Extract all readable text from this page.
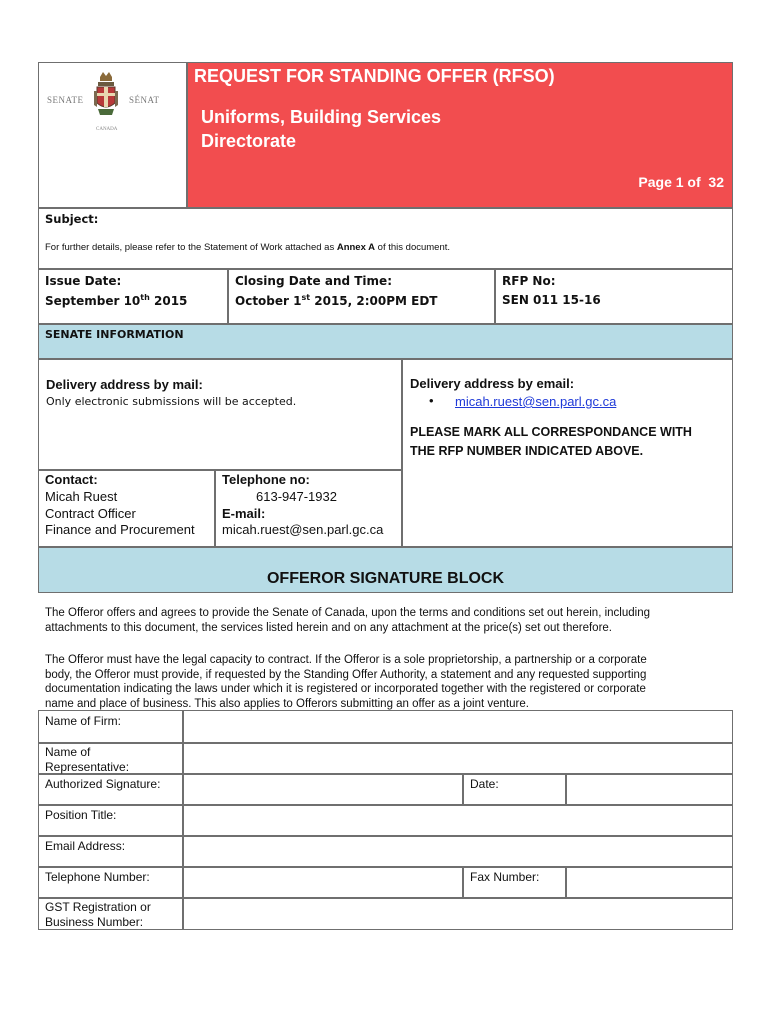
SENATE	SÉNAT
CANADA
REQUEST FOR STANDING OFFER (RFSO)
Uniforms, Building Services
Directorate
Page 1 of  32
Subject:
For further details, please refer to the Statement of Work attached as Annex A of this document.
Issue Date:
September 10th 2015
Closing Date and Time:
October 1st 2015, 2:00PM EDT
RFP No:
SEN 011 15-16
SENATE INFORMATION
Delivery address by mail:
Only electronic submissions will be accepted.
Delivery address by email:
• micah.ruest@sen.parl.gc.ca
PLEASE MARK ALL CORRESPONDANCE WITH
THE RFP NUMBER INDICATED ABOVE.
Contact:
Micah Ruest
Contract Officer
Finance and Procurement
Telephone no:
613-947-1932
E-mail:
micah.ruest@sen.parl.gc.ca
OFFEROR SIGNATURE BLOCK
The Offeror offers and agrees to provide the Senate of Canada, upon the terms and conditions set out herein, including
attachments to this document, the services listed herein and on any attachment at the price(s) set out therefore.
The Offeror must have the legal capacity to contract. If the Offeror is a sole proprietorship, a partnership or a corporate
body, the Offeror must provide, if requested by the Standing Offer Authority, a statement and any requested supporting
documentation indicating the laws under which it is registered or incorporated together with the registered or corporate
name and place of business. This also applies to Offerors submitting an offer as a joint venture.
Name of Firm:
Name of
Representative:
Authorized Signature:	Date:
Position Title:
Email Address:
Telephone Number:	Fax Number:
GST Registration or
Business Number:
